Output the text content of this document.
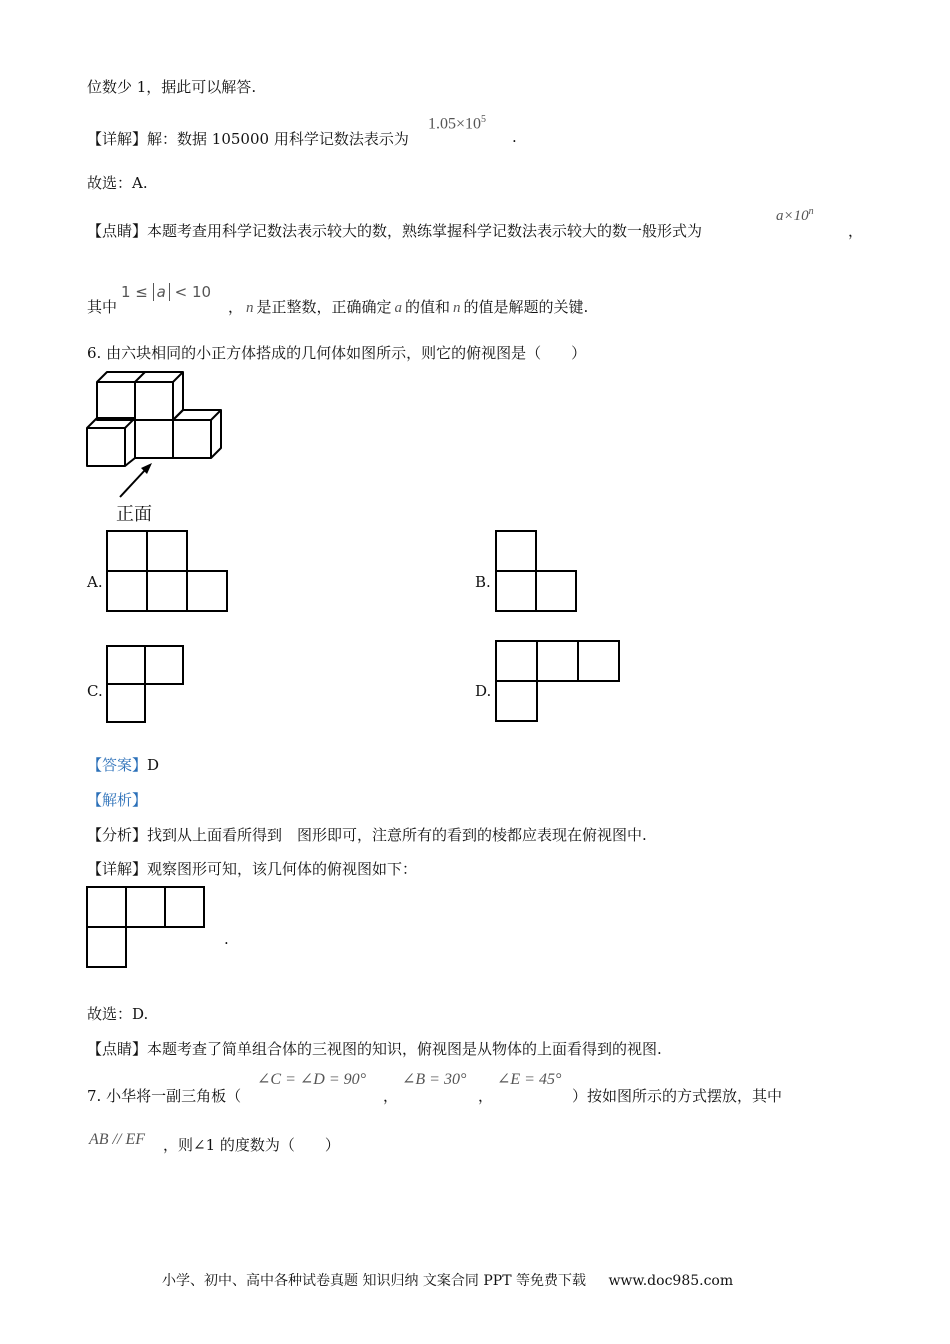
位数少 1，据此可以解答.
【详解】解：数据 105000 用科学记数法表示为
$1.05\times 10^5$
.
故选：A.
【点睛】本题考查用科学记数法表示较大的数，熟练掌握科学记数法表示较大的数一般形式为
$a\times 10^n$
，
其中
1 ≤ a < 10
， n 是正整数，正确确定 a 的值和 n 的值是解题的关键.
6. 由六块相同的小正方体搭成的几何体如图所示，则它的俯视图是（　　）
正面
A.	B.
C.	D.
【答案】D
【解析】
【分析】找到从上面看所得到　图形即可，注意所有的看到的棱都应表现在俯视图中.
【详解】观察图形可知，该几何体的俯视图如下：
.
故选：D.
【点睛】本题考查了简单组合体的三视图的知识，俯视图是从物体的上面看得到的视图.
7. 小华将一副三角板（
∠C = ∠D = 90°
，
∠B = 30°
，
∠E = 45°
）按如图所示的方式摆放，其中
AB // EF ，则∠1 的度数为（　　）
小学、初中、高中各种试卷真题 知识归纳 文案合同 PPT 等免费下载 www.doc985.com
